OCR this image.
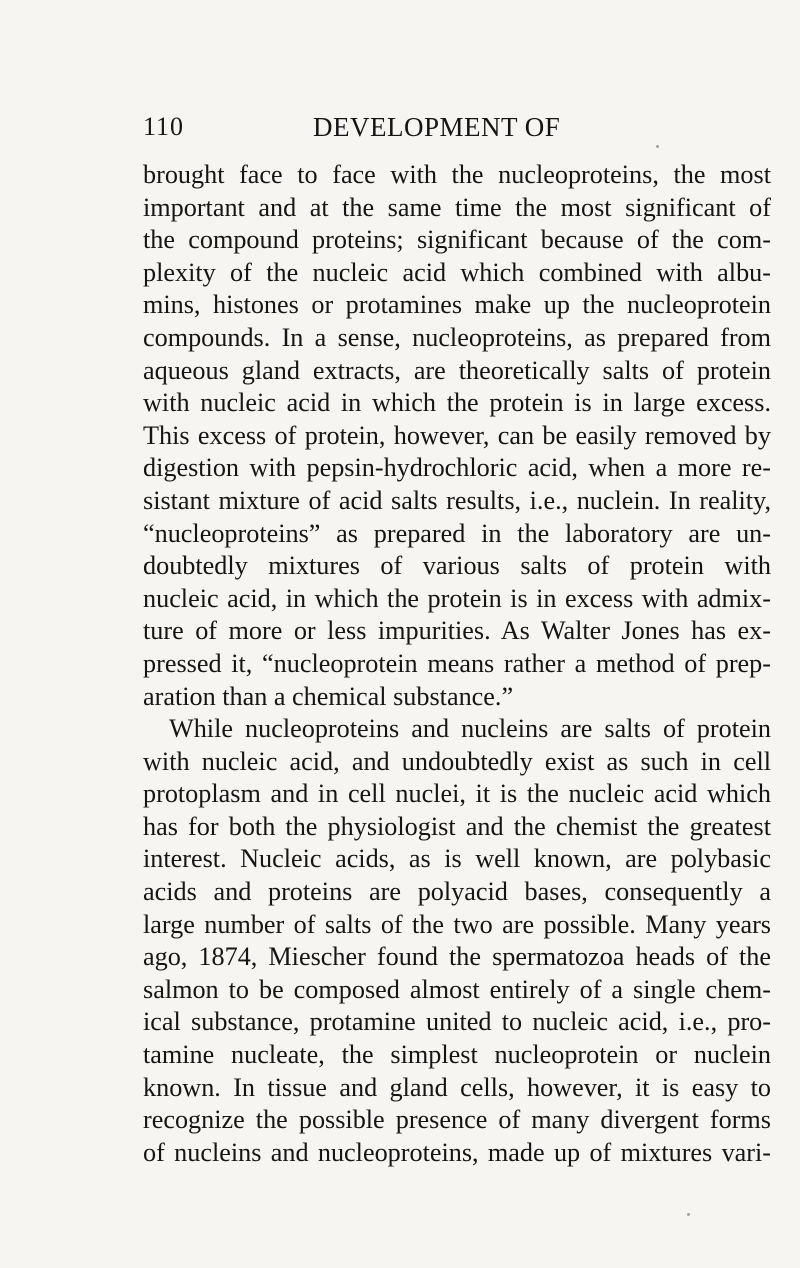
110	DEVELOPMENT OF
brought face to face with the nucleoproteins, the most
important and at the same time the most significant of
the compound proteins; significant because of the com-
plexity of the nucleic acid which combined with albu-
mins, histones or protamines make up the nucleoprotein
compounds. In a sense, nucleoproteins, as prepared from
aqueous gland extracts, are theoretically salts of protein
with nucleic acid in which the protein is in large excess.
This excess of protein, however, can be easily removed by
digestion with pepsin-hydrochloric acid, when a more re-
sistant mixture of acid salts results, i.e., nuclein. In reality,
“nucleoproteins” as prepared in the laboratory are un-
doubtedly mixtures of various salts of protein with
nucleic acid, in which the protein is in excess with admix-
ture of more or less impurities. As Walter Jones has ex-
pressed it, “nucleoprotein means rather a method of prep-
aration than a chemical substance.”
While nucleoproteins and nucleins are salts of protein
with nucleic acid, and undoubtedly exist as such in cell
protoplasm and in cell nuclei, it is the nucleic acid which
has for both the physiologist and the chemist the greatest
interest. Nucleic acids, as is well known, are polybasic
acids and proteins are polyacid bases, consequently a
large number of salts of the two are possible. Many years
ago, 1874, Miescher found the spermatozoa heads of the
salmon to be composed almost entirely of a single chem-
ical substance, protamine united to nucleic acid, i.e., pro-
tamine nucleate, the simplest nucleoprotein or nuclein
known. In tissue and gland cells, however, it is easy to
recognize the possible presence of many divergent forms
of nucleins and nucleoproteins, made up of mixtures vari-
